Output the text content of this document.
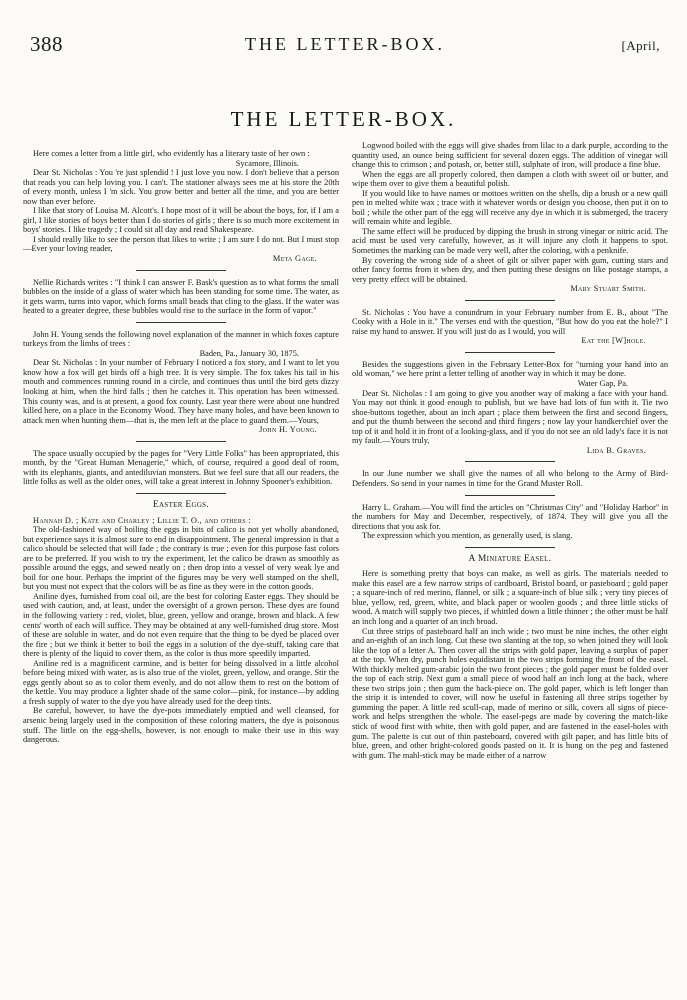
388	THE LETTER-BOX.	[April,
THE LETTER-BOX.

Here comes a letter from a little girl, who evidently has a literary taste of her own :

Sycamore, Illinois.

Dear St. Nicholas : You 're just splendid ! I just love you now. I don't believe that a person that reads you can help loving you. I can't. The stationer always sees me at his store the 20th of every month, unless I 'm sick. You grow better and better all the time, and you are better now than ever before.

I like that story of Louisa M. Alcott's. I hope most of it will be about the boys, for, if I am a girl, I like stories of boys better than I do stories of girls ; there is so much more excitement in boys' stories. I like tragedy ; I could sit all day and read Shakespeare.

I should really like to see the person that likes to write ; I am sure I do not. But I must stop —Ever your loving reader,

Meta Gage.

Nellie Richards writes : "I think I can answer F. Bask's question as to what forms the small bubbles on the inside of a glass of water which has been standing for some time. The water, as it gets warm, turns into vapor, which forms small beads that cling to the glass. If the water was heated to a greater degree, these bubbles would rise to the surface in the form of vapor."

John H. Young sends the following novel explanation of the manner in which foxes capture turkeys from the limbs of trees :

Baden, Pa., January 30, 1875.

Dear St. Nicholas : In your number of February I noticed a fox story, and I want to let you know how a fox will get birds off a high tree. It is very simple. The fox takes his tail in his mouth and commences running round in a circle, and continues thus until the bird gets dizzy looking at him, when the bird falls ; then he catches it. This operation has been witnessed. This county was, and is at present, a good fox county. Last year there were about one hundred killed here, on a place in the Economy Wood. They have many holes, and have been known to attack men when hunting them—that is, the men left at the place to guard them.—Yours,

John H. Young.

The space usually occupied by the pages for "Very Little Folks" has been appropriated, this month, by the "Great Human Menagerie," which, of course, required a good deal of room, with its elephants, giants, and antediluvian monsters. But we feel sure that all our readers, the little folks as well as the older ones, will take a great interest in Johnny Spooner's exhibition.

Easter Eggs.

Hannah D. ; Kate and Charley ; Lillie T. O., and others :

The old-fashioned way of boiling the eggs in bits of calico is not yet wholly abandoned, but experience says it is almost sure to end in disappointment. The general impression is that a calico should be selected that will fade ; the contrary is true ; even for this purpose fast colors are to be preferred. If you wish to try the experiment, let the calico be drawn as smoothly as possible around the eggs, and sewed neatly on ; then drop into a vessel of very weak lye and boil for one hour. Perhaps the imprint of the figures may be very well stamped on the shell, but you must not expect that the colors will be as fine as they were in the cotton goods.

Aniline dyes, furnished from coal oil, are the best for coloring Easter eggs. They should be used with caution, and, at least, under the oversight of a grown person. These dyes are found in the following variety : red, violet, blue, green, yellow and orange, brown and black. A few cents' worth of each will suffice. They may be obtained at any well-furnished drug store. Most of these are soluble in water, and do not even require that the thing to be dyed be placed over the fire ; but we think it better to boil the eggs in a solution of the dye-stuff, taking care that there is plenty of the liquid to cover them, as the color is thus more speedily imparted.

Aniline red is a magnificent carmine, and is better for being dissolved in a little alcohol before being mixed with water, as is also true of the violet, green, yellow, and orange. Stir the eggs gently about so as to color them evenly, and do not allow them to rest on the bottom of the kettle. You may produce a lighter shade of the same color—pink, for instance—by adding a fresh supply of water to the dye you have already used for the deep tints.

Be careful, however, to have the dye-pots immediately emptied and well cleansed, for arsenic being largely used in the composition of these coloring matters, the dye is poisonous stuff. The little on the egg-shells, however, is not enough to make their use in this way dangerous.

Logwood boiled with the eggs will give shades from lilac to a dark purple, according to the quantity used, an ounce being sufficient for several dozen eggs. The addition of vinegar will change this to crimson ; and potash, or, better still, sulphate of iron, will produce a fine blue.

When the eggs are all properly colored, then dampen a cloth with sweet oil or butter, and wipe them over to give them a beautiful polish.

If you would like to have names or mottoes written on the shells, dip a brush or a new quill pen in melted white wax ; trace with it whatever words or design you choose, then put it on to boil ; while the other part of the egg will receive any dye in which it is submerged, the tracery will remain white and legible.

The same effect will be produced by dipping the brush in strong vinegar or nitric acid. The acid must be used very carefully, however, as it will injure any cloth it happens to spot. Sometimes the marking can be made very well, after the coloring, with a penknife.

By covering the wrong side of a sheet of gilt or silver paper with gum, cutting stars and other fancy forms from it when dry, and then putting these designs on like postage stamps, a very pretty effect will be obtained.

Mary Stuart Smith.

St. Nicholas : You have a conundrum in your February number from E. B., about "The Cooky with a Hole in it." The verses end with the question, "But how do you eat the hole?" I raise my hand to answer. If you will just do as I would, you will

Eat the [W]hole.

Besides the suggestions given in the February Letter-Box for "turning your hand into an old woman," we here print a letter telling of another way in which it may be done.

Water Gap, Pa.

Dear St. Nicholas : I am going to give you another way of making a face with your hand. You may not think it good enough to publish, but we have had lots of fun with it. Tie two shoe-buttons together, about an inch apart ; place them between the first and second fingers, and put the thumb between the second and third fingers ; now lay your handkerchief over the top of it and hold it in front of a looking-glass, and if you do not see an old lady's face it is not my fault.—Yours truly,

Lida B. Graves.

In our June number we shall give the names of all who belong to the Army of Bird-Defenders. So send in your names in time for the Grand Muster Roll.

Harry L. Graham.—You will find the articles on "Christmas City" and "Holiday Harbor" in the numbers for May and December, respectively, of 1874. They will give you all the directions that you ask for.

The expression which you mention, as generally used, is slang.

A Miniature Easel.

Here is something pretty that boys can make, as well as girls. The materials needed to make this easel are a few narrow strips of cardboard, Bristol board, or pasteboard ; gold paper ; a square-inch of red merino, flannel, or silk ; a square-inch of blue silk ; very tiny pieces of blue, yellow, red, green, white, and black paper or woolen goods ; and three little sticks of wood. A match will supply two pieces, if whittled down a little thinner ; the other must be half an inch long and a quarter of an inch broad.

Cut three strips of pasteboard half an inch wide ; two must be nine inches, the other eight and an-eighth of an inch long. Cut these two slanting at the top, so when joined they will look like the top of a letter A. Then cover all the strips with gold paper, leaving a surplus of paper at the top. When dry, punch holes equidistant in the two strips forming the front of the easel. With thickly melted gum-arabic join the two front pieces ; the gold paper must be folded over the top of each strip. Next gum a small piece of wood half an inch long at the back, where these two strips join ; then gum the back-piece on. The gold paper, which is left longer than the strip it is intended to cover, will now be useful in fastening all three strips together by gumming the paper. A little red scull-cap, made of merino or silk, covers all signs of piece-work and helps strengthen the whole. The easel-pegs are made by covering the match-like stick of wood first with white, then with gold paper, and are fastened in the easel-holes with gum. The palette is cut out of thin pasteboard, covered with gilt paper, and has little bits of blue, green, and other bright-colored goods pasted on it. It is hung on the peg and fastened with gum. The mahl-stick may be made either of a narrow
